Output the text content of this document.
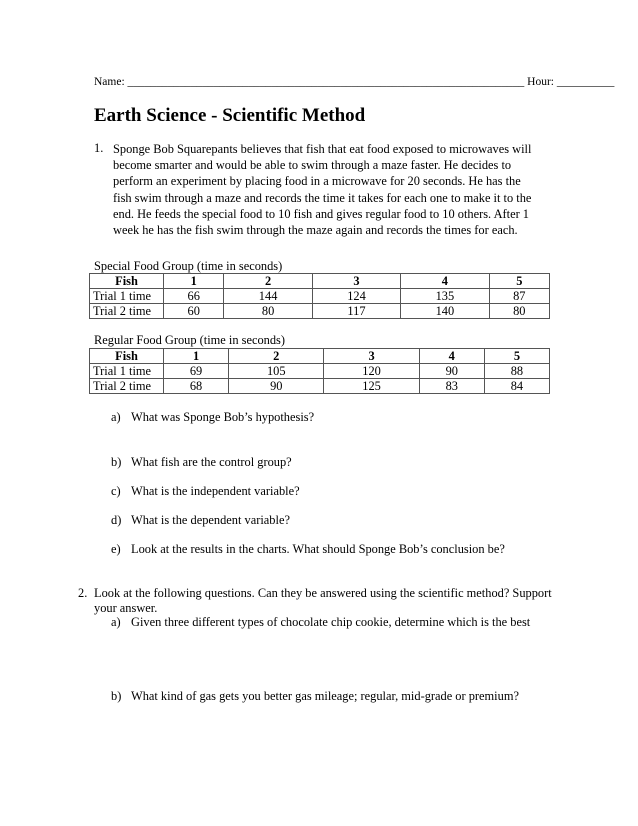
Name: _____________________________________________________________________ Hour: __________
Earth Science - Scientific Method
1. Sponge Bob Squarepants believes that fish that eat food exposed to microwaves will become smarter and would be able to swim through a maze faster. He decides to perform an experiment by placing food in a microwave for 20 seconds. He has the fish swim through a maze and records the time it takes for each one to make it to the end. He feeds the special food to 10 fish and gives regular food to 10 others. After 1 week he has the fish swim through the maze again and records the times for each.
Special Food Group (time in seconds)
Fish	1	2	3	4	5
Trial 1 time	66	144	124	135	87
Trial 2 time	60	80	117	140	80
Regular Food Group (time in seconds)
Fish	1	2	3	4	5
Trial 1 time	69	105	120	90	88
Trial 2 time	68	90	125	83	84
a) What was Sponge Bob’s hypothesis?
b) What fish are the control group?
c) What is the independent variable?
d) What is the dependent variable?
e) Look at the results in the charts. What should Sponge Bob’s conclusion be?
2. Look at the following questions. Can they be answered using the scientific method? Support your answer.
a) Given three different types of chocolate chip cookie, determine which is the best
b) What kind of gas gets you better gas mileage; regular, mid-grade or premium?
